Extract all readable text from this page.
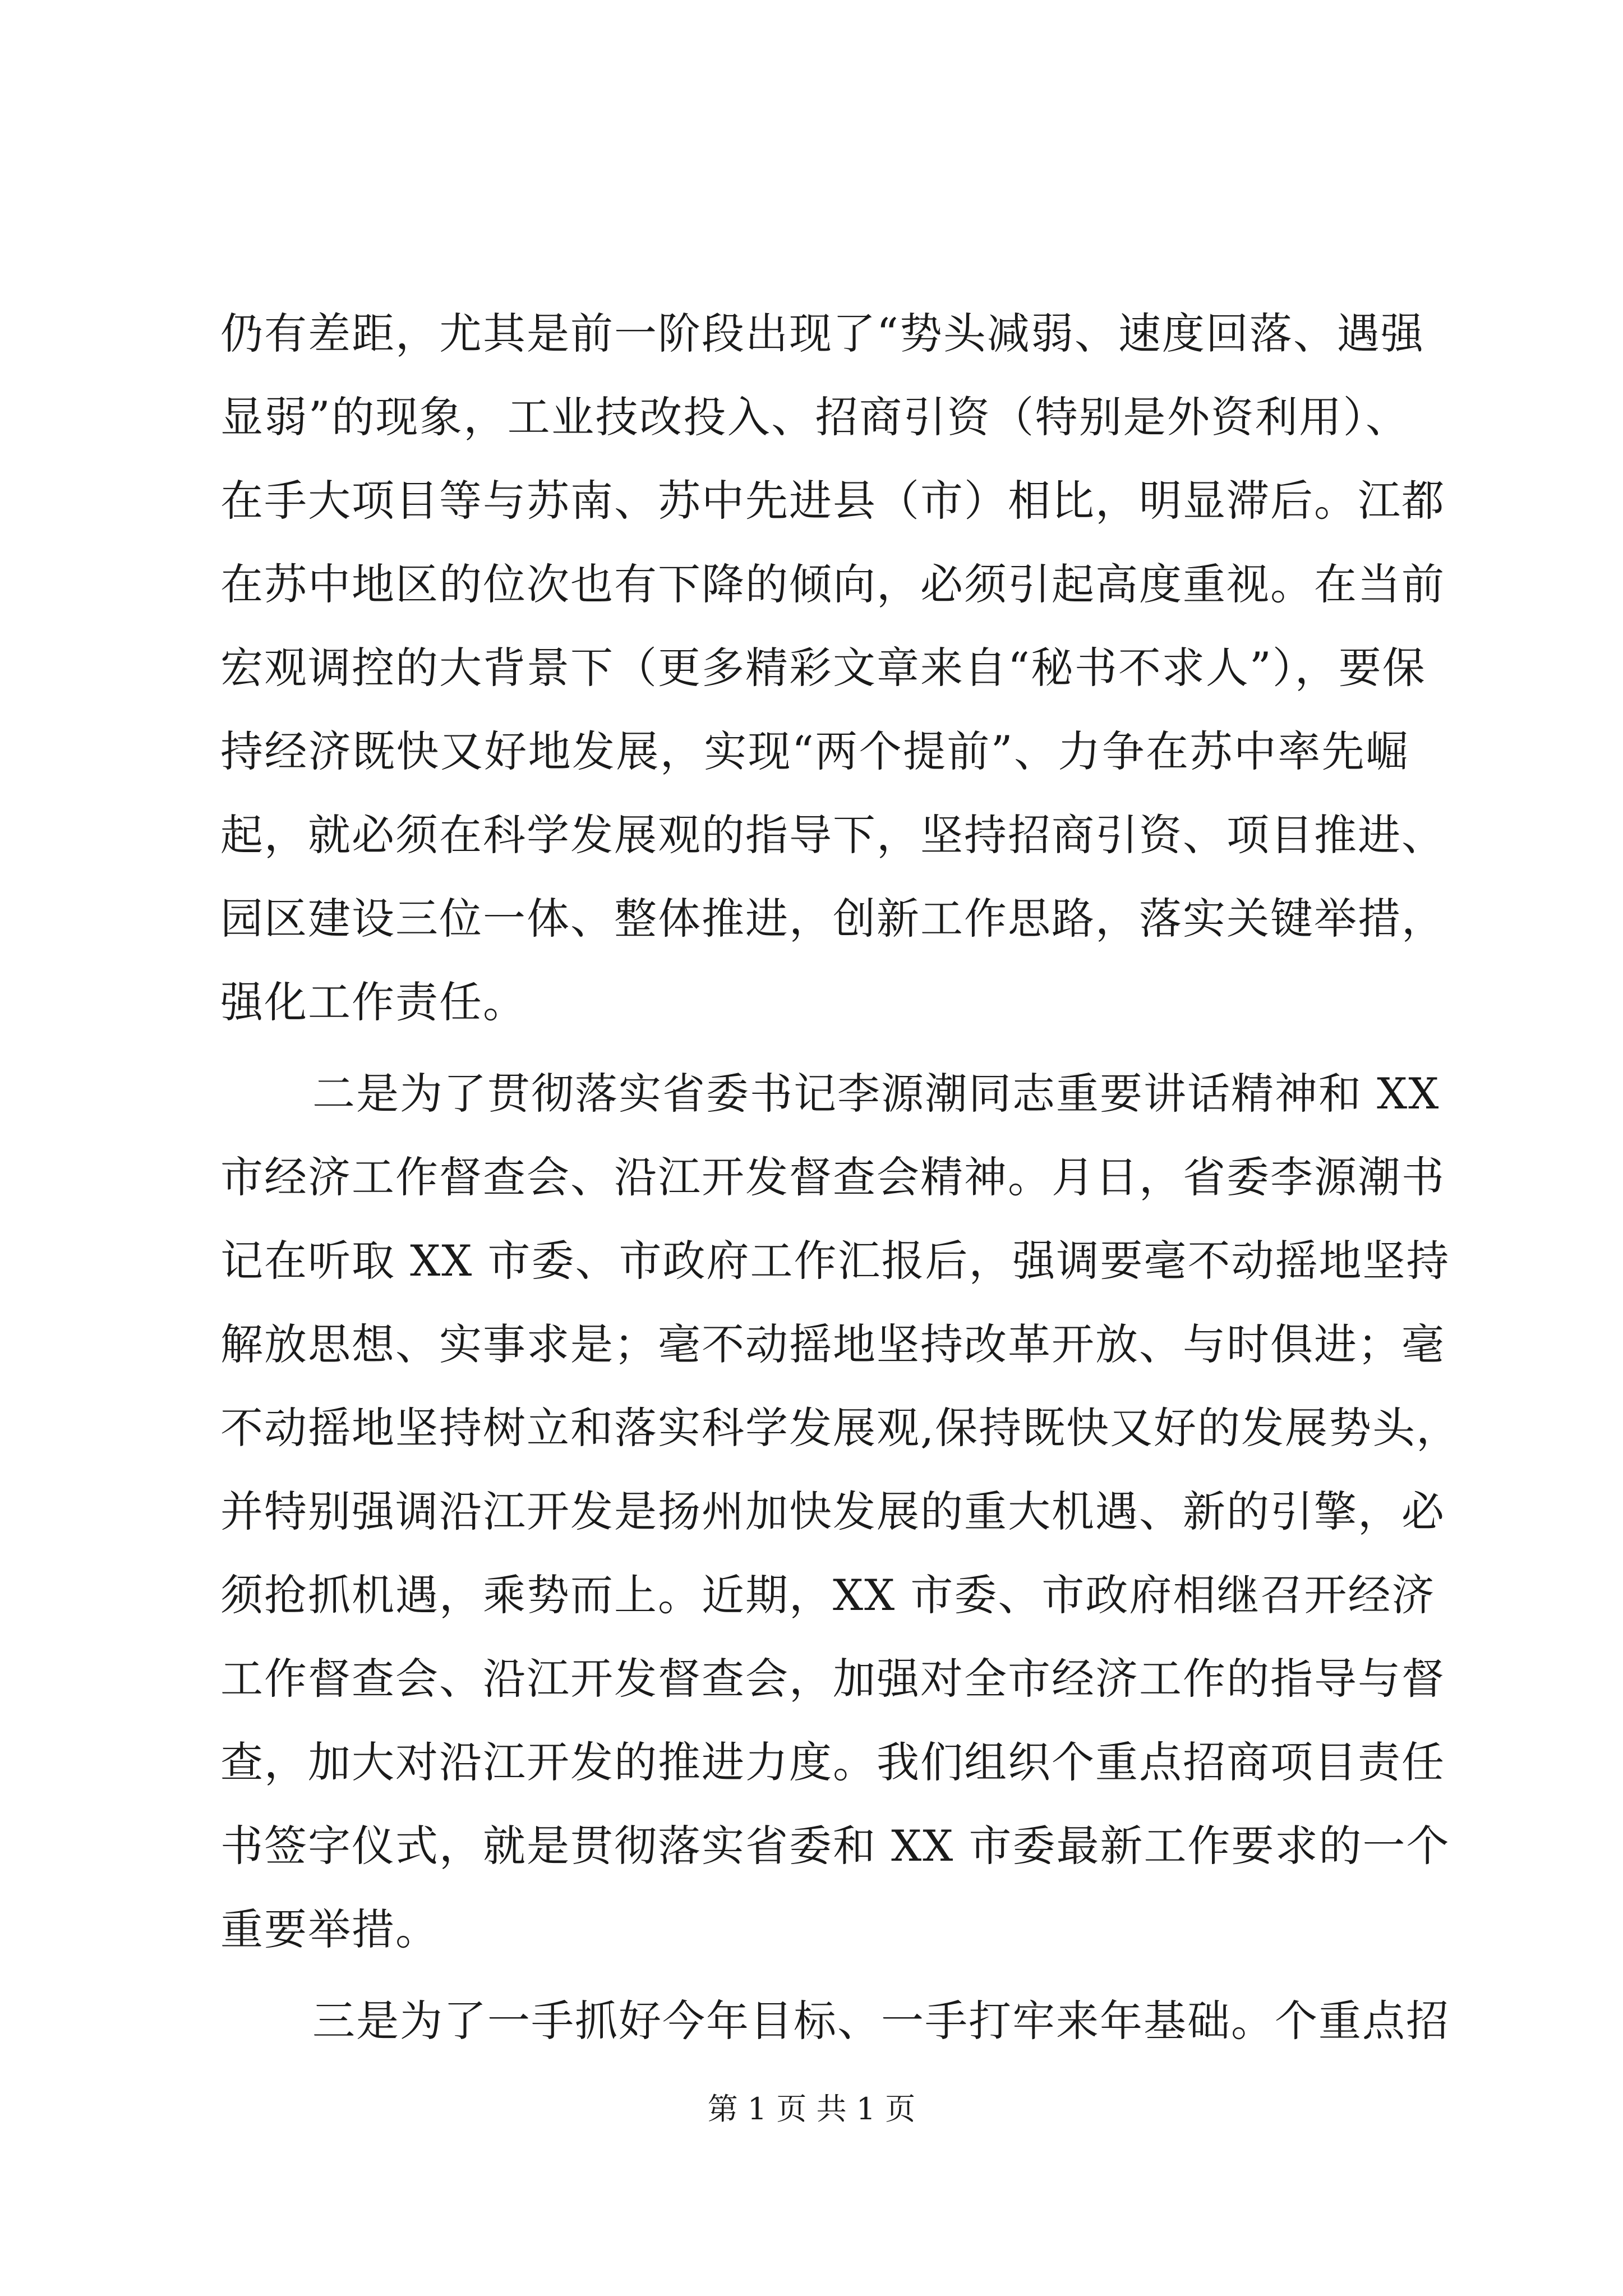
仍有差距，尤其是前一阶段出现了“势头减弱、速度回落、遇强
显弱”的现象，工业技改投入、招商引资（特别是外资利用）、
在手大项目等与苏南、苏中先进县（市）相比，明显滞后。江都
在苏中地区的位次也有下降的倾向，必须引起高度重视。在当前
宏观调控的大背景下（更多精彩文章来自“秘书不求人”），要保
持经济既快又好地发展，实现“两个提前”、力争在苏中率先崛
起，就必须在科学发展观的指导下，坚持招商引资、项目推进、
园区建设三位一体、整体推进，创新工作思路，落实关键举措，
强化工作责任。
二是为了贯彻落实省委书记李源潮同志重要讲话精神和 XX
市经济工作督查会、沿江开发督查会精神。月日，省委李源潮书
记在听取 XX 市委、市政府工作汇报后，强调要毫不动摇地坚持
解放思想、实事求是；毫不动摇地坚持改革开放、与时俱进；毫
不动摇地坚持树立和落实科学发展观,保持既快又好的发展势头，
并特别强调沿江开发是扬州加快发展的重大机遇、新的引擎，必
须抢抓机遇，乘势而上。近期，XX 市委、市政府相继召开经济
工作督查会、沿江开发督查会，加强对全市经济工作的指导与督
查，加大对沿江开发的推进力度。我们组织个重点招商项目责任
书签字仪式，就是贯彻落实省委和 XX 市委最新工作要求的一个
重要举措。
三是为了一手抓好今年目标、一手打牢来年基础。个重点招
第 1 页 共 1 页
